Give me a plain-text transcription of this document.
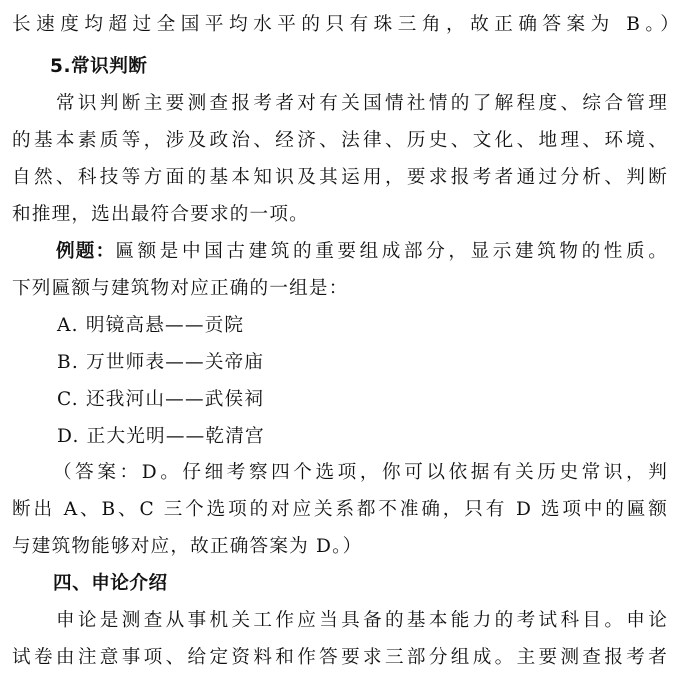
长速度均超过全国平均水平的只有珠三角，故正确答案为 B。）
5.常识判断
常识判断主要测查报考者对有关国情社情的了解程度、综合管理
的基本素质等，涉及政治、经济、法律、历史、文化、地理、环境、
自然、科技等方面的基本知识及其运用，要求报考者通过分析、判断
和推理，选出最符合要求的一项。
例题： 匾额是中国古建筑的重要组成部分，显示建筑物的性质。
下列匾额与建筑物对应正确的一组是：
A. 明镜高悬——贡院
B. 万世师表——关帝庙
C. 还我河山——武侯祠
D. 正大光明——乾清宫
（答案：D。仔细考察四个选项，你可以依据有关历史常识，判
断出 A、B、C 三个选项的对应关系都不准确，只有 D 选项中的匾额
与建筑物能够对应，故正确答案为 D。）
四、申论介绍
申论是测查从事机关工作应当具备的基本能力的考试科目。申论
试卷由注意事项、给定资料和作答要求三部分组成。主要测查报考者
